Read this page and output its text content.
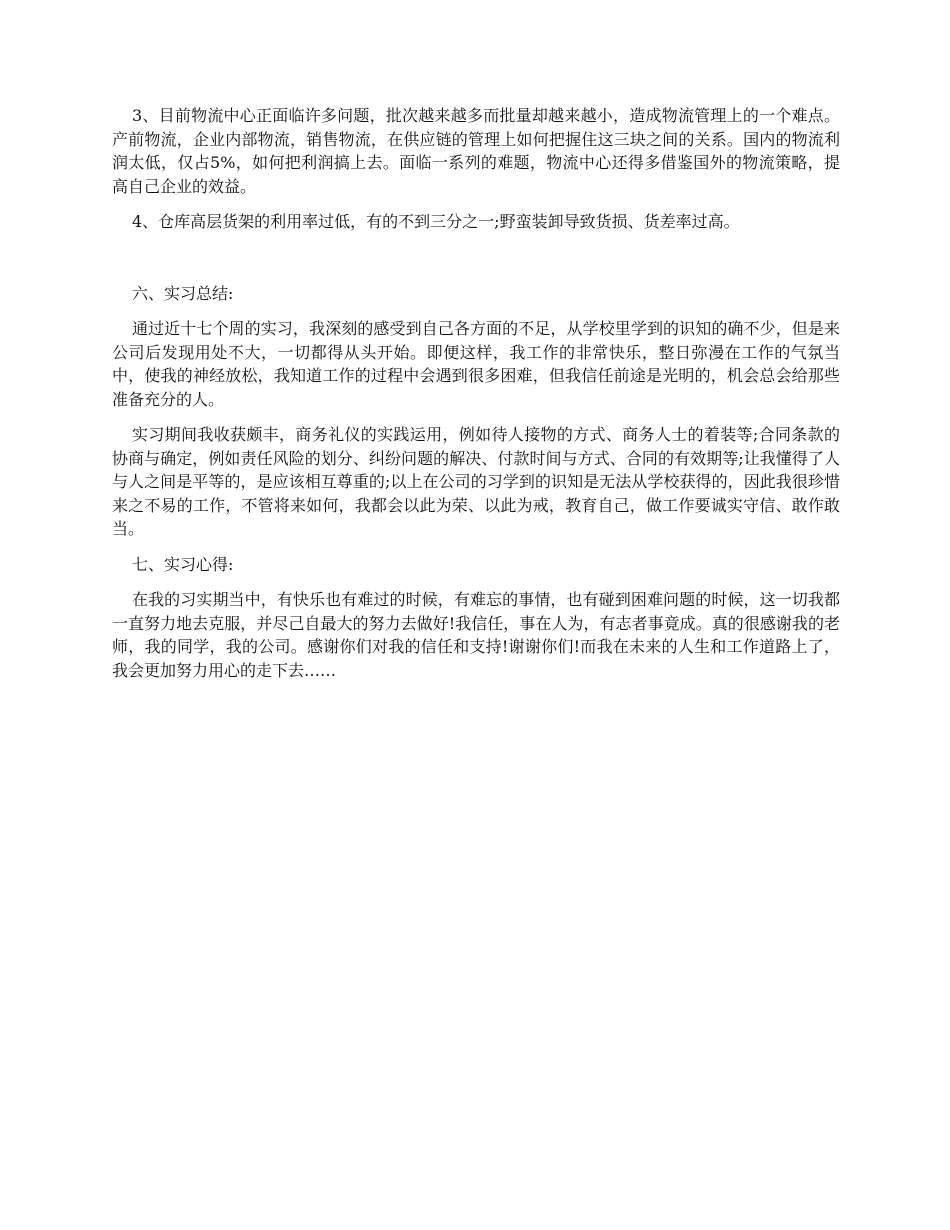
3、目前物流中心正面临许多问题，批次越来越多而批量却越来越小，造成物流管理上的一个难点。产前物流，企业内部物流，销售物流，在供应链的管理上如何把握住这三块之间的关系。国内的物流利润太低，仅占5%，如何把利润搞上去。面临一系列的难题，物流中心还得多借鉴国外的物流策略，提高自己企业的效益。

4、仓库高层货架的利用率过低，有的不到三分之一;野蛮装卸导致货损、货差率过高。

六、实习总结:

通过近十七个周的实习，我深刻的感受到自己各方面的不足，从学校里学到的识知的确不少，但是来公司后发现用处不大，一切都得从头开始。即便这样，我工作的非常快乐，整日弥漫在工作的气氛当中，使我的神经放松，我知道工作的过程中会遇到很多困难，但我信任前途是光明的，机会总会给那些准备充分的人。

实习期间我收获颇丰，商务礼仪的实践运用，例如待人接物的方式、商务人士的着装等;合同条款的协商与确定，例如责任风险的划分、纠纷问题的解决、付款时间与方式、合同的有效期等;让我懂得了人与人之间是平等的，是应该相互尊重的;以上在公司的习学到的识知是无法从学校获得的，因此我很珍惜来之不易的工作，不管将来如何，我都会以此为荣、以此为戒，教育自己，做工作要诚实守信、敢作敢当。

七、实习心得:

在我的习实期当中，有快乐也有难过的时候，有难忘的事情，也有碰到困难问题的时候，这一切我都一直努力地去克服，并尽己自最大的努力去做好!我信任，事在人为，有志者事竟成。真的很感谢我的老师，我的同学，我的公司。感谢你们对我的信任和支持!谢谢你们!而我在未来的人生和工作道路上了，我会更加努力用心的走下去……
